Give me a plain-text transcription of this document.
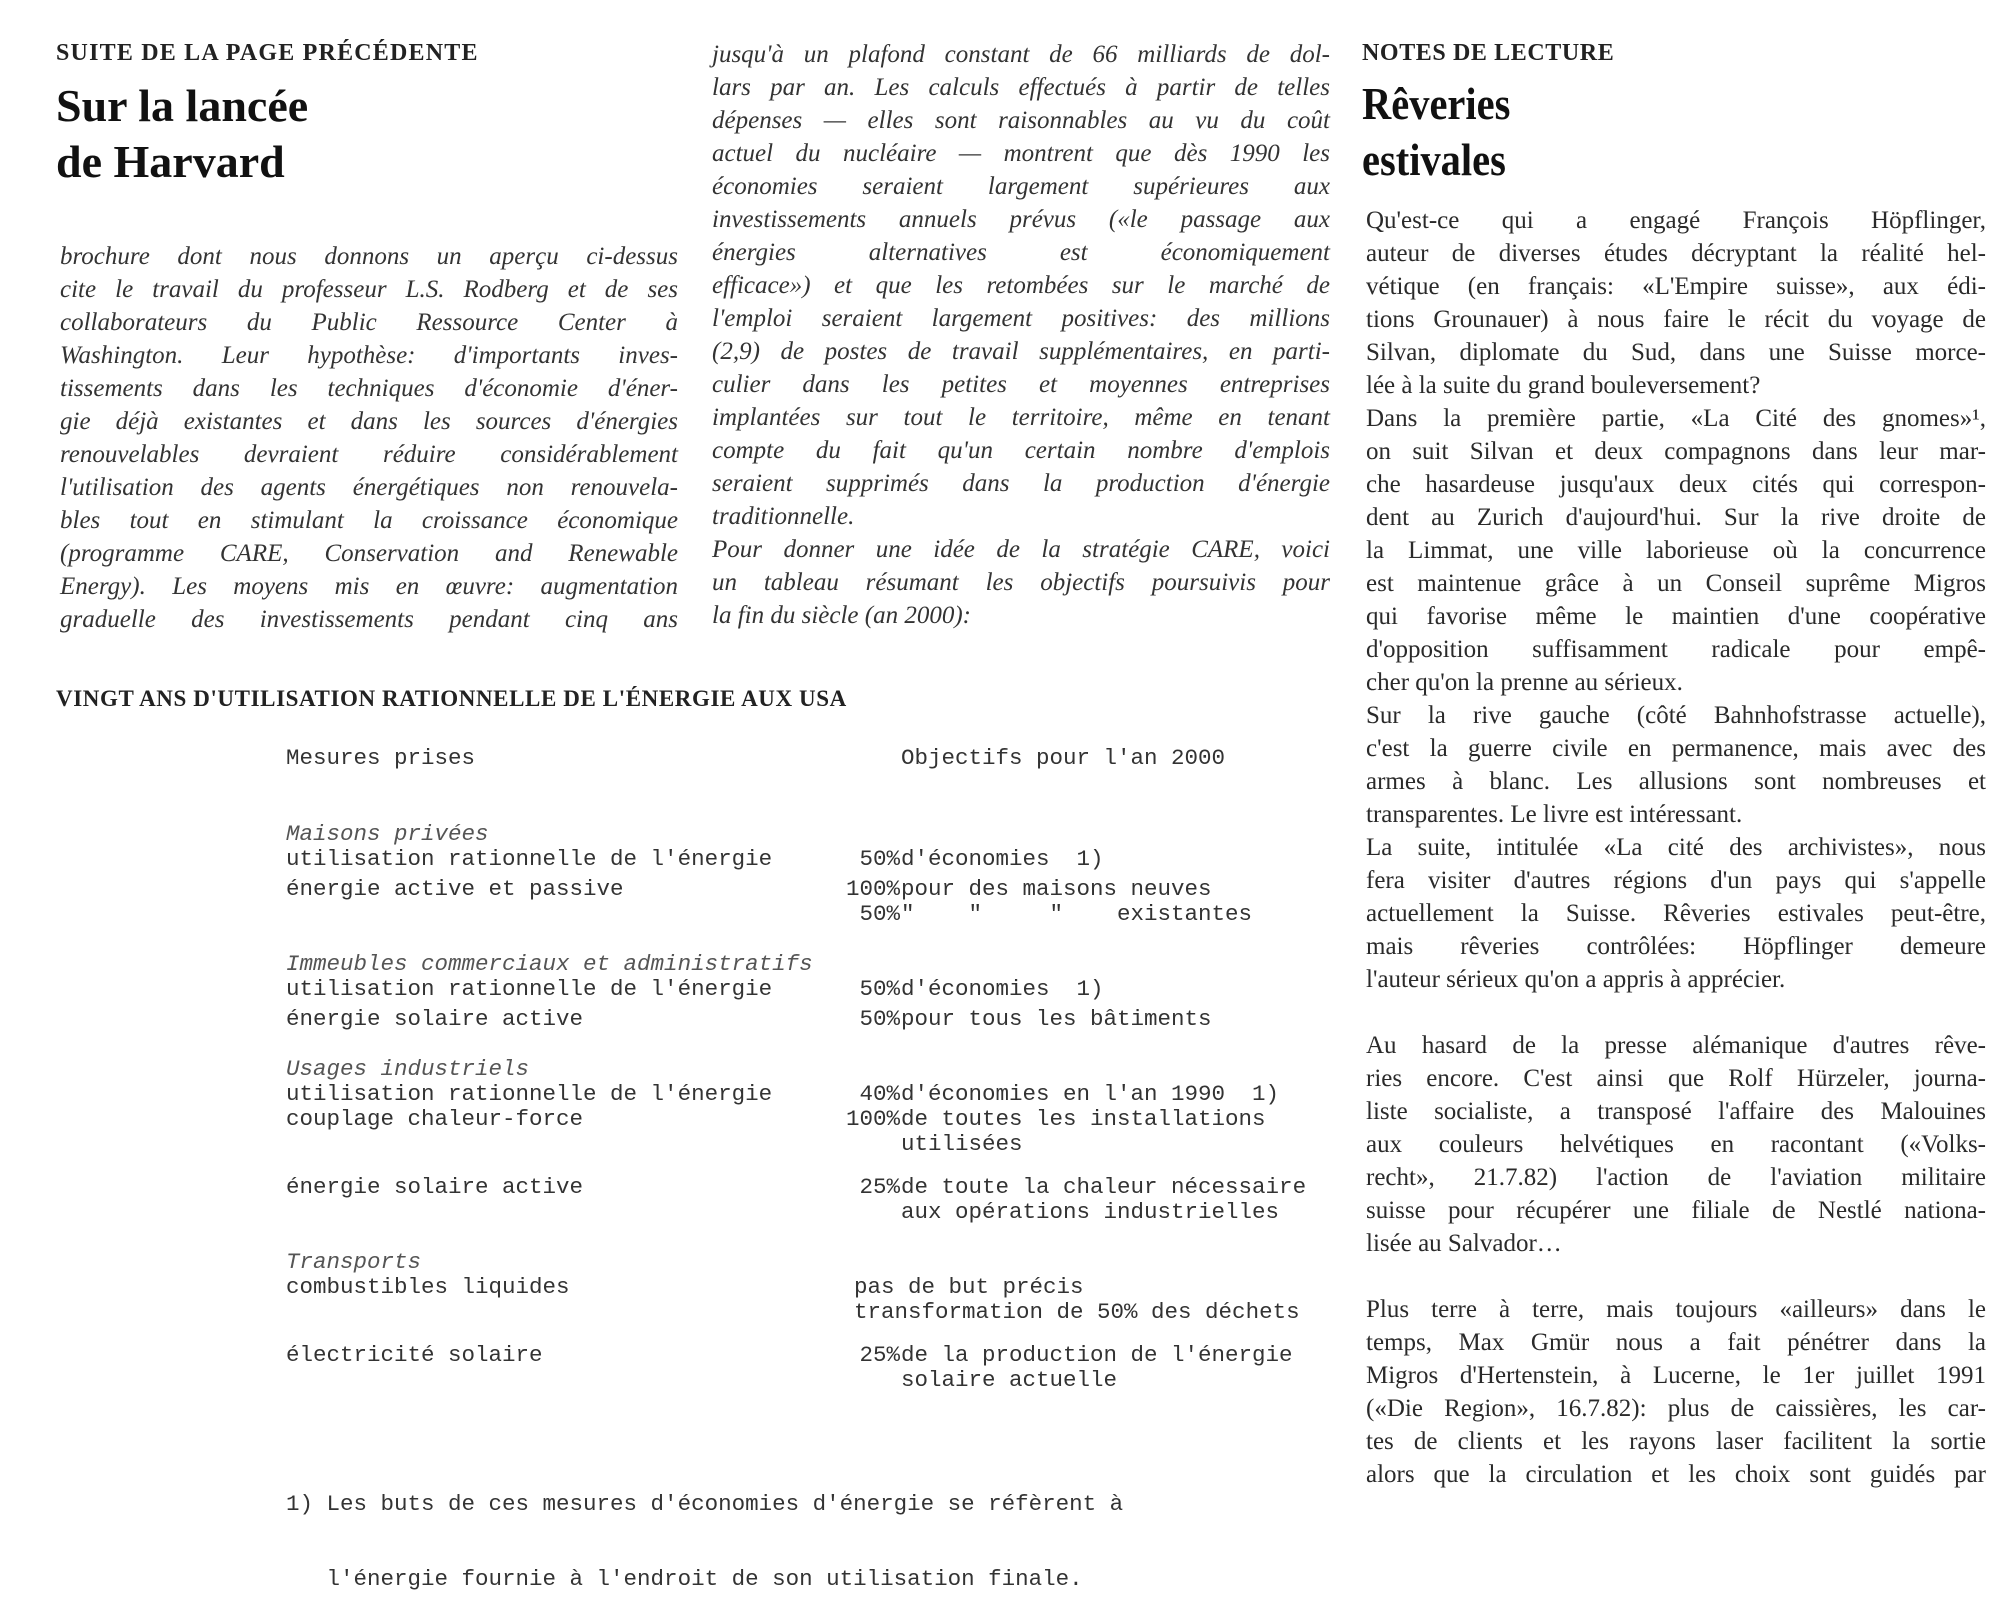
SUITE DE LA PAGE PRÉCÉDENTE
Sur la lancée
de Harvard
brochure dont nous donnons un aperçu ci-dessus
cite le travail du professeur L.S. Rodberg et de ses
collaborateurs du Public Ressource Center à
Washington. Leur hypothèse: d'importants inves-
tissements dans les techniques d'économie d'éner-
gie déjà existantes et dans les sources d'énergies
renouvelables devraient réduire considérablement
l'utilisation des agents énergétiques non renouvela-
bles tout en stimulant la croissance économique
(programme CARE, Conservation and Renewable
Energy). Les moyens mis en œuvre: augmentation
graduelle des investissements pendant cinq ans
jusqu'à un plafond constant de 66 milliards de dol-
lars par an. Les calculs effectués à partir de telles
dépenses — elles sont raisonnables au vu du coût
actuel du nucléaire — montrent que dès 1990 les
économies seraient largement supérieures aux
investissements annuels prévus («le passage aux
énergies alternatives est économiquement
efficace») et que les retombées sur le marché de
l'emploi seraient largement positives: des millions
(2,9) de postes de travail supplémentaires, en parti-
culier dans les petites et moyennes entreprises
implantées sur tout le territoire, même en tenant
compte du fait qu'un certain nombre d'emplois
seraient supprimés dans la production d'énergie
traditionnelle.
Pour donner une idée de la stratégie CARE, voici
un tableau résumant les objectifs poursuivis pour
la fin du siècle (an 2000):
VINGT ANS D'UTILISATION RATIONNELLE DE L'ÉNERGIE AUX USA
Mesures prises	Objectifs pour l'an 2000
Maisons privées
utilisation rationnelle de l'énergie	50% d'économies  1)
énergie active et passive	100% pour des maisons neuves
50% "    "     "    existantes
Immeubles commerciaux et administratifs
utilisation rationnelle de l'énergie	50% d'économies  1)
énergie solaire active	50% pour tous les bâtiments
Usages industriels
utilisation rationnelle de l'énergie	40% d'économies en l'an 1990  1)
couplage chaleur-force	100% de toutes les installations
utilisées
énergie solaire active	25% de toute la chaleur nécessaire
aux opérations industrielles
Transports
combustibles liquides	pas de but précis
transformation de 50% des déchets
électricité solaire	25% de la production de l'énergie
solaire actuelle

1) Les buts de ces mesures d'économies d'énergie se réfèrent à

l'énergie fournie à l'endroit de son utilisation finale.

NOTES DE LECTURE
Rêveries
estivales
Qu'est-ce qui a engagé François Höpflinger,
auteur de diverses études décryptant la réalité hel-
vétique (en français: «L'Empire suisse», aux édi-
tions Grounauer) à nous faire le récit du voyage de
Silvan, diplomate du Sud, dans une Suisse morce-
lée à la suite du grand bouleversement?
Dans la première partie, «La Cité des gnomes»¹,
on suit Silvan et deux compagnons dans leur mar-
che hasardeuse jusqu'aux deux cités qui correspon-
dent au Zurich d'aujourd'hui. Sur la rive droite de
la Limmat, une ville laborieuse où la concurrence
est maintenue grâce à un Conseil suprême Migros
qui favorise même le maintien d'une coopérative
d'opposition suffisamment radicale pour empê-
cher qu'on la prenne au sérieux.
Sur la rive gauche (côté Bahnhofstrasse actuelle),
c'est la guerre civile en permanence, mais avec des
armes à blanc. Les allusions sont nombreuses et
transparentes. Le livre est intéressant.
La suite, intitulée «La cité des archivistes», nous
fera visiter d'autres régions d'un pays qui s'appelle
actuellement la Suisse. Rêveries estivales peut-être,
mais rêveries contrôlées: Höpflinger demeure
l'auteur sérieux qu'on a appris à apprécier.
Au hasard de la presse alémanique d'autres rêve-
ries encore. C'est ainsi que Rolf Hürzeler, journa-
liste socialiste, a transposé l'affaire des Malouines
aux couleurs helvétiques en racontant («Volks-
recht», 21.7.82) l'action de l'aviation militaire
suisse pour récupérer une filiale de Nestlé nationa-
lisée au Salvador…
Plus terre à terre, mais toujours «ailleurs» dans le
temps, Max Gmür nous a fait pénétrer dans la
Migros d'Hertenstein, à Lucerne, le 1er juillet 1991
(«Die Region», 16.7.82): plus de caissières, les car-
tes de clients et les rayons laser facilitent la sortie
alors que la circulation et les choix sont guidés par
